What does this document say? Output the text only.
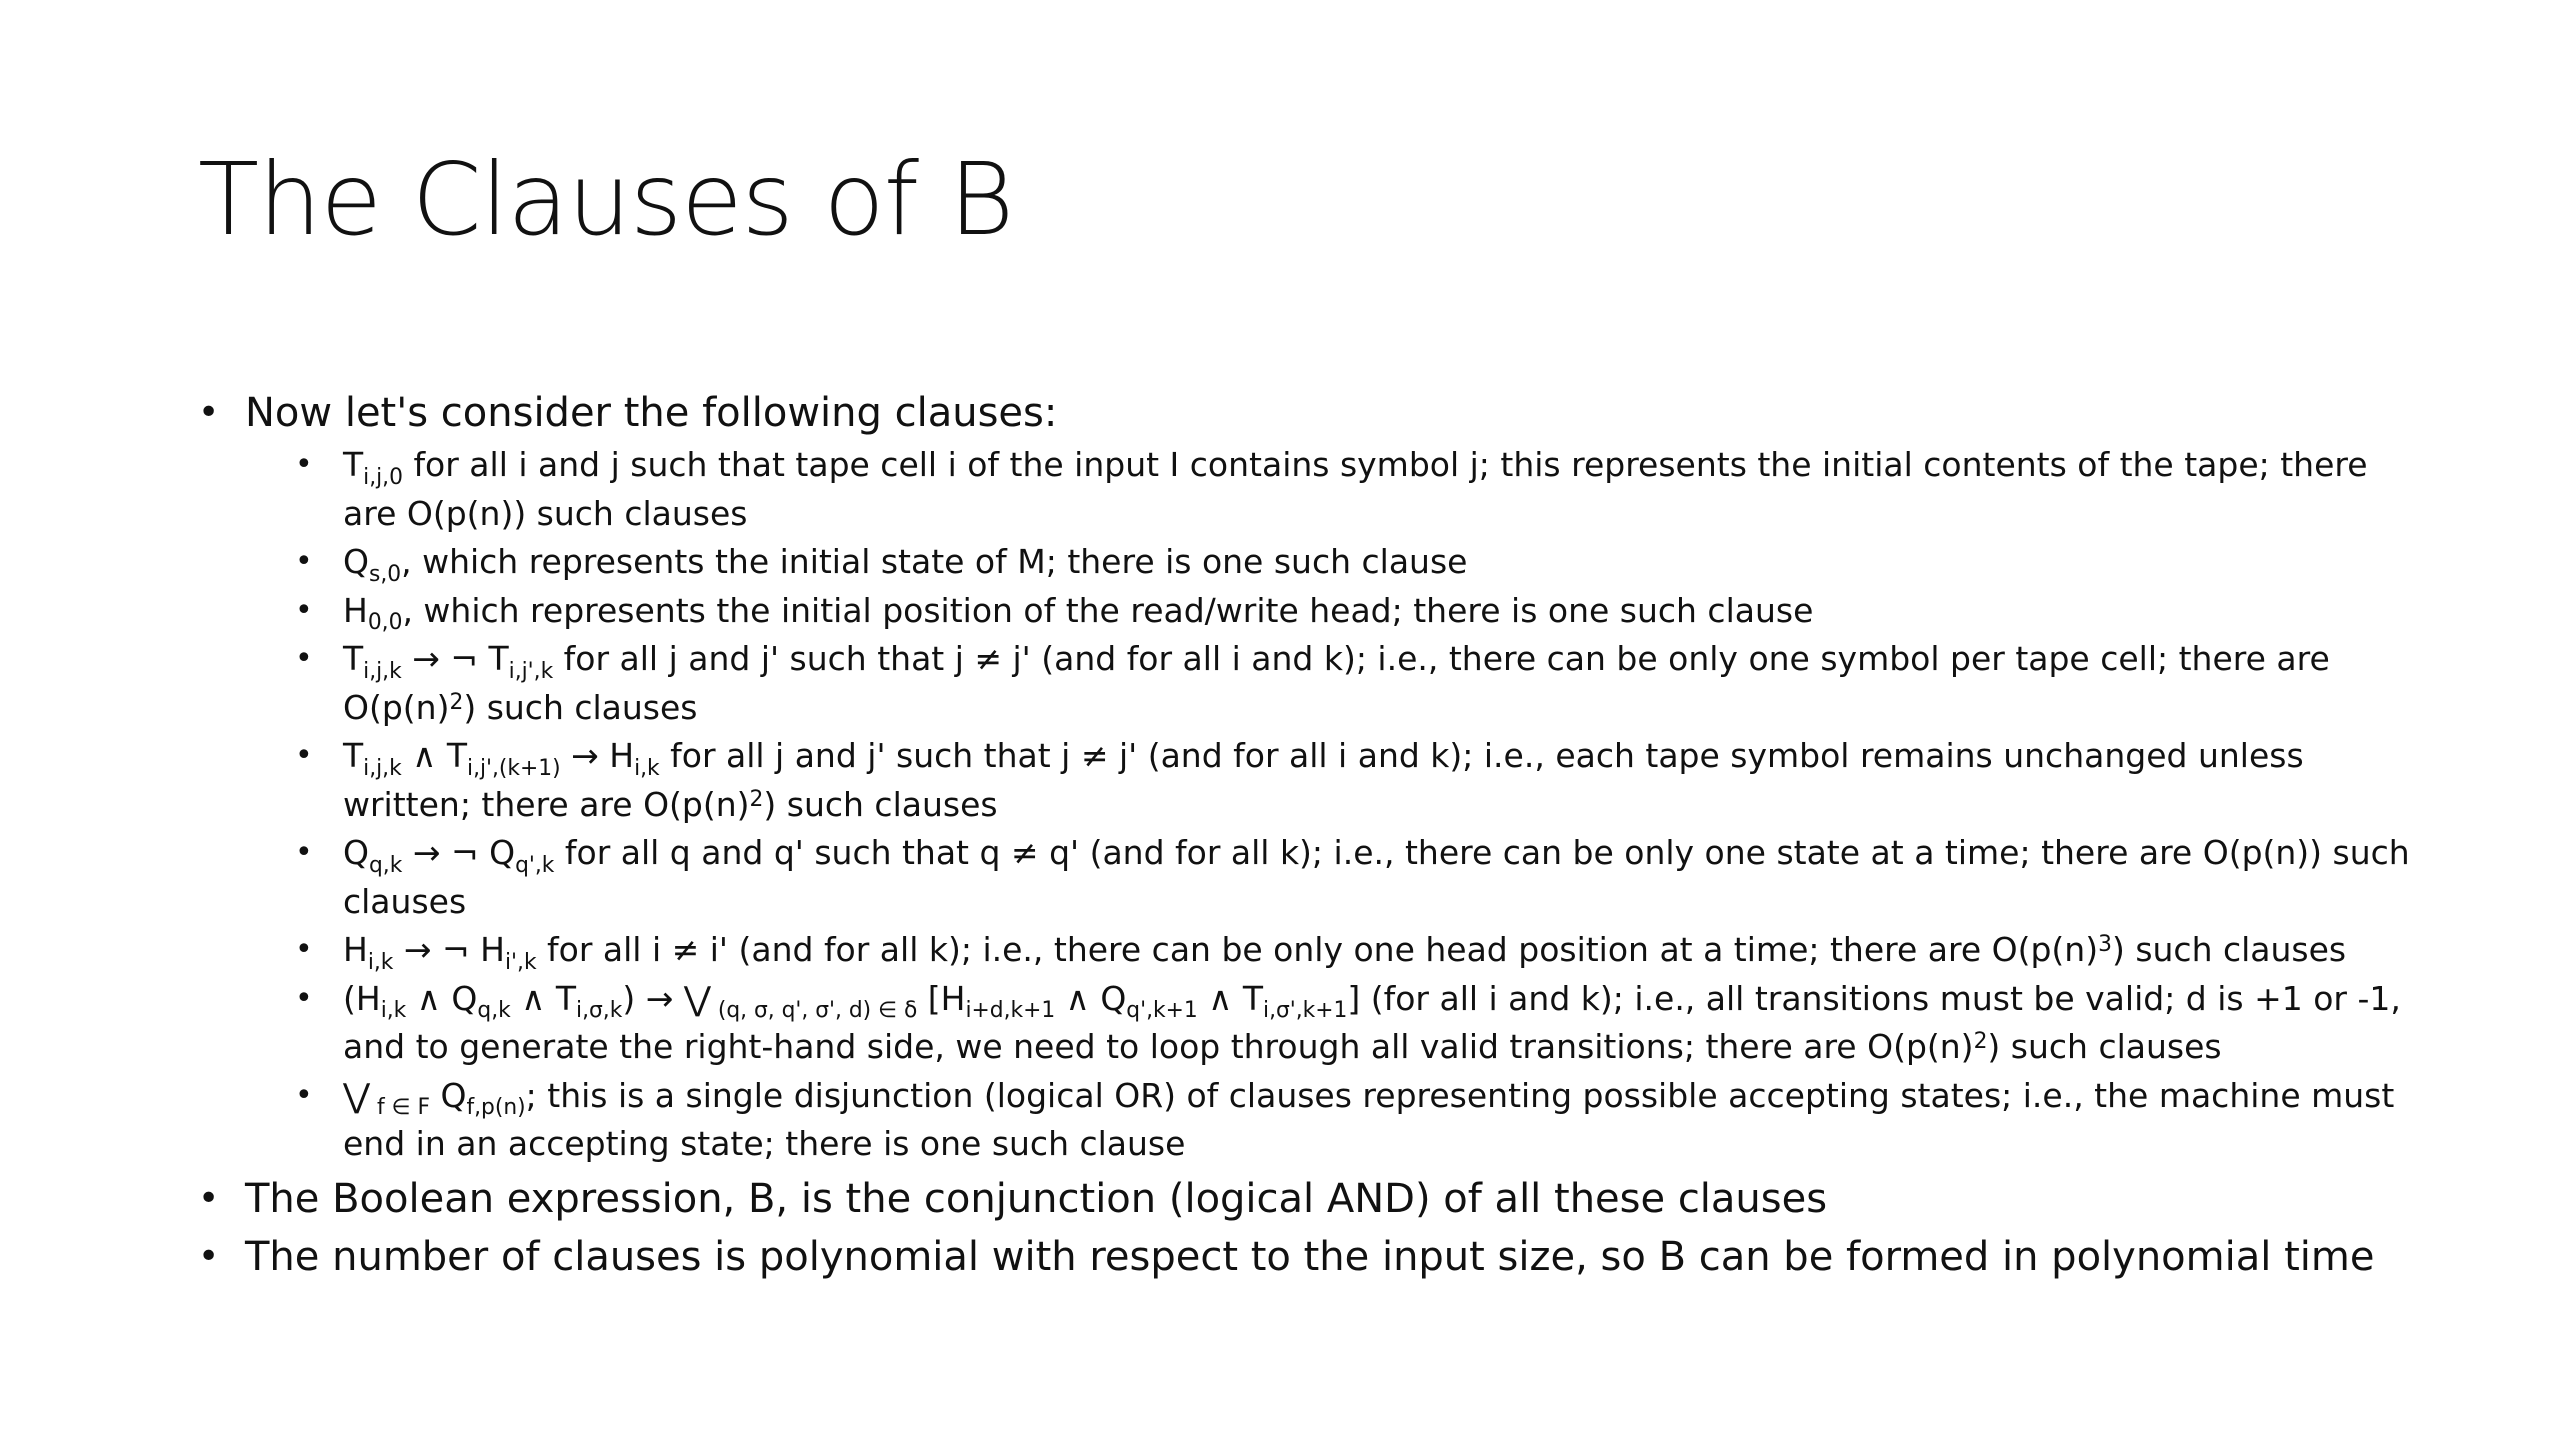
The Clauses of B
• Now let's consider the following clauses:
• $T_{i,j,0}$ for all i and j such that tape cell i of the input I contains symbol j; this represents the initial contents of the tape; there are O(p(n)) such clauses
• $Q_{s,0}$, which represents the initial state of M; there is one such clause
• $H_{0,0}$, which represents the initial position of the read/write head; there is one such clause
• $T_{i,j,k}$ → ¬ $T_{i,j',k}$ for all j and j' such that j ≠ j' (and for all i and k); i.e., there can be only one symbol per tape cell; there are $O(p(n)^2)$ such clauses
• $T_{i,j,k}$ ∧ $T_{i,j',(k+1)} \to H_{i,k}$ for all j and j' such that j ≠ j' (and for all i and k); i.e., each tape symbol remains unchanged unless written; there are $O(p(n)^2)$ such clauses
• $Q_{q,k}$ → ¬ $Q_{q',k}$ for all q and q' such that q ≠ q' (and for all k); i.e., there can be only one state at a time; there are O(p(n)) such clauses
• $H_{i,k}$ → ¬ $H_{i',k}$ for all i ≠ i' (and for all k); i.e., there can be only one head position at a time; there are $O(p(n)^3)$ such clauses
• ($H_{i,k}$ ∧ $Q_{q,k}$ ∧ $T_{i,\sigma,k}$) → ⋁ $_{(q, \sigma, q', \sigma', d) \in \delta}$ [$H_{i+d,k+1}$ ∧ $Q_{q',k+1}$ ∧ $T_{i,\sigma',k+1}$] (for all i and k); i.e., all transitions must be valid; d is +1 or -1, and to generate the right-hand side, we need to loop through all valid transitions; there are $O(p(n)^2)$ such clauses
• ⋁ $_{f \in F}$ $Q_{f,p(n)}$; this is a single disjunction (logical OR) of clauses representing possible accepting states; i.e., the machine must end in an accepting state; there is one such clause
• The Boolean expression, B, is the conjunction (logical AND) of all these clauses
• The number of clauses is polynomial with respect to the input size, so B can be formed in polynomial time
